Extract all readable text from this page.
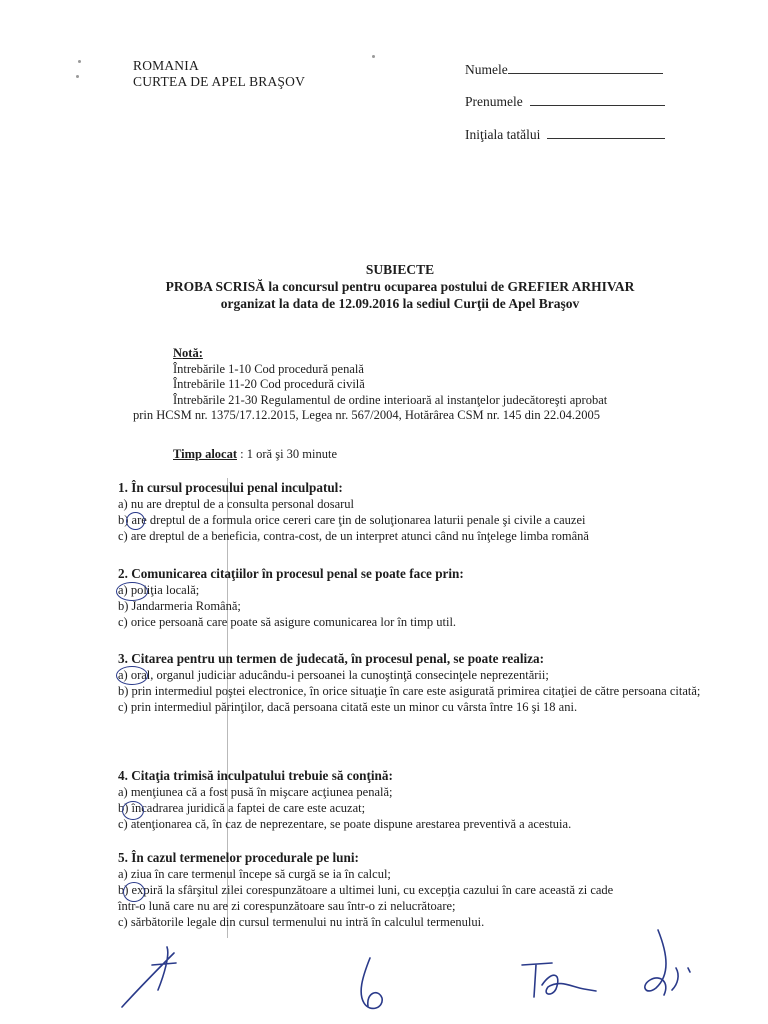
ROMANIA
CURTEA DE APEL BRAŞOV
Numele
Prenumele
Iniţiala tatălui
SUBIECTE
PROBA SCRISĂ la concursul pentru ocuparea postului de GREFIER ARHIVAR
organizat la data de 12.09.2016 la sediul Curţii de Apel Braşov
Notă:
Întrebările 1-10 Cod procedură penală
Întrebările 11-20 Cod procedură civilă
Întrebările 21-30 Regulamentul de ordine interioară al instanţelor judecătoreşti aprobat
prin HCSM nr. 1375/17.12.2015, Legea nr. 567/2004, Hotărârea CSM nr. 145 din 22.04.2005
Timp alocat : 1 oră şi 30 minute
1. În cursul procesului penal inculpatul:
a) nu are dreptul de a consulta personal dosarul
b) are dreptul de a formula orice cereri care ţin de soluţionarea laturii penale şi civile a cauzei
c) are dreptul de a beneficia, contra-cost, de un interpret atunci când nu înţelege limba română
2. Comunicarea citaţiilor în procesul penal se poate face prin:
a) poliţia locală;
b) Jandarmeria Română;
c) orice persoană care poate să asigure comunicarea lor în timp util.
3. Citarea pentru un termen de judecată, în procesul penal, se poate realiza:
a) oral, organul judiciar aducându-i persoanei la cunoştinţă consecinţele neprezentării;
b) prin intermediul poştei electronice, în orice situaţie în care este asigurată primirea citaţiei de către persoana citată;
c) prin intermediul părinţilor, dacă persoana citată este un minor cu vârsta între 16 şi 18 ani.
4. Citaţia trimisă inculpatului trebuie să conţină:
a) menţiunea că a fost pusă în mişcare acţiunea penală;
b) încadrarea juridică a faptei de care este acuzat;
c) atenţionarea că, în caz de neprezentare, se poate dispune arestarea preventivă a acestuia.
5. În cazul termenelor procedurale pe luni:
a) ziua în care termenul începe să curgă se ia în calcul;
b) expiră la sfârşitul zilei corespunzătoare a ultimei luni, cu excepţia cazului în care această zi cade într-o lună care nu are zi corespunzătoare sau într-o zi nelucrătoare;
c) sărbătorile legale din cursul termenului nu intră în calculul termenului.
